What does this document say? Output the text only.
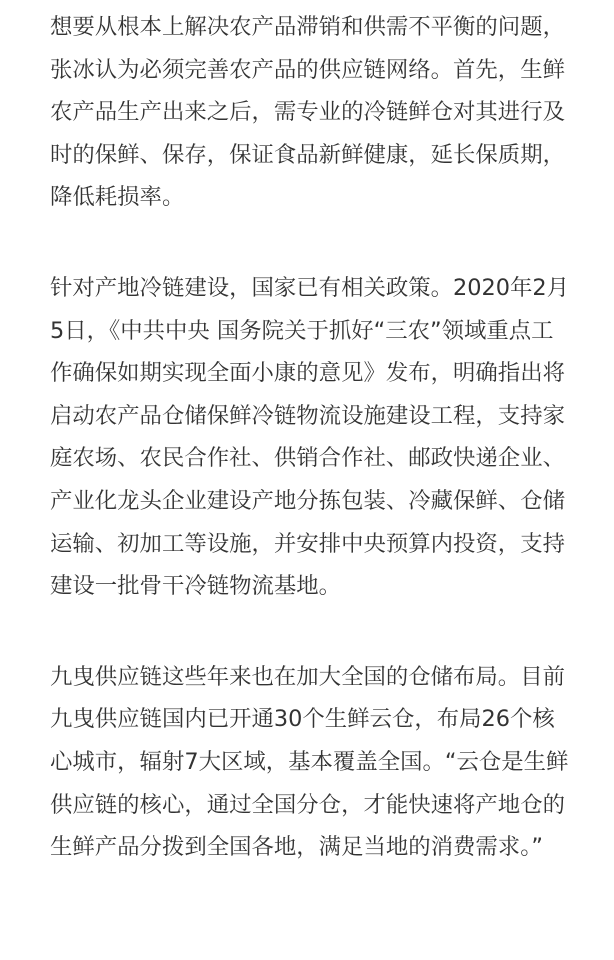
想要从根本上解决农产品滞销和供需不平衡的问题，
张冰认为必须完善农产品的供应链网络。首先，生鲜
农产品生产出来之后，需专业的冷链鲜仓对其进行及
时的保鲜、保存，保证食品新鲜健康，延长保质期，
降低耗损率。

针对产地冷链建设，国家已有相关政策。2020年2月
5日，《中共中央 国务院关于抓好“三农”领域重点工
作确保如期实现全面小康的意见》发布，明确指出将
启动农产品仓储保鲜冷链物流设施建设工程，支持家
庭农场、农民合作社、供销合作社、邮政快递企业、
产业化龙头企业建设产地分拣包装、冷藏保鲜、仓储
运输、初加工等设施，并安排中央预算内投资，支持
建设一批骨干冷链物流基地。

九曳供应链这些年来也在加大全国的仓储布局。目前
九曳供应链国内已开通30个生鲜云仓，布局26个核
心城市，辐射7大区域，基本覆盖全国。“云仓是生鲜
供应链的核心，通过全国分仓，才能快速将产地仓的
生鲜产品分拨到全国各地，满足当地的消费需求。”
